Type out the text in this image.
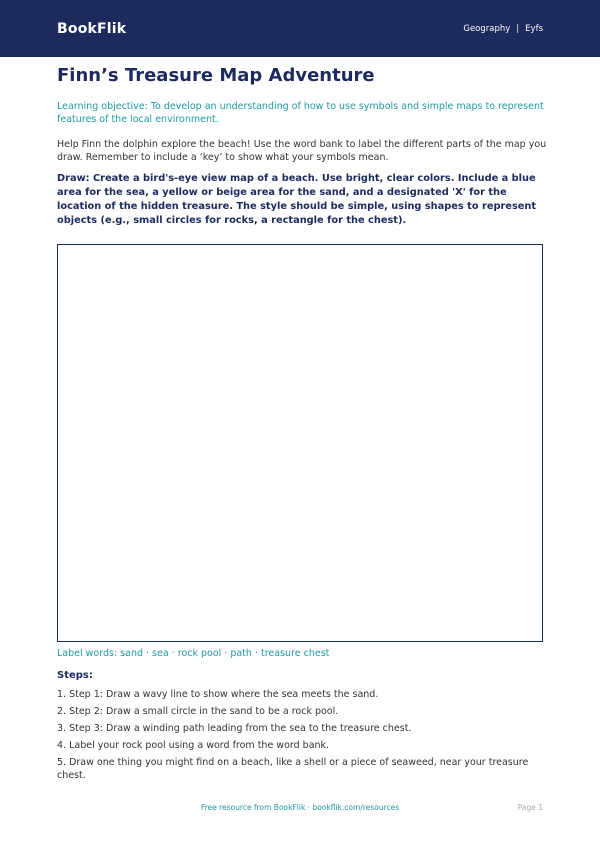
BookFlik	Geography | Eyfs
Finn’s Treasure Map Adventure

Learning objective: To develop an understanding of how to use symbols and simple maps to represent features of the local environment.

Help Finn the dolphin explore the beach! Use the word bank to label the different parts of the map you draw. Remember to include a ‘key’ to show what your symbols mean.

Draw: Create a bird's-eye view map of a beach. Use bright, clear colors. Include a blue area for the sea, a yellow or beige area for the sand, and a designated 'X' for the location of the hidden treasure. The style should be simple, using shapes to represent objects (e.g., small circles for rocks, a rectangle for the chest).

Label words: sand · sea · rock pool · path · treasure chest

Steps:
1. Step 1: Draw a wavy line to show where the sea meets the sand.
2. Step 2: Draw a small circle in the sand to be a rock pool.
3. Step 3: Draw a winding path leading from the sea to the treasure chest.
4. Label your rock pool using a word from the word bank.
5. Draw one thing you might find on a beach, like a shell or a piece of seaweed, near your treasure chest.
Free resource from BookFlik · bookflik.com/resources	Page 1
